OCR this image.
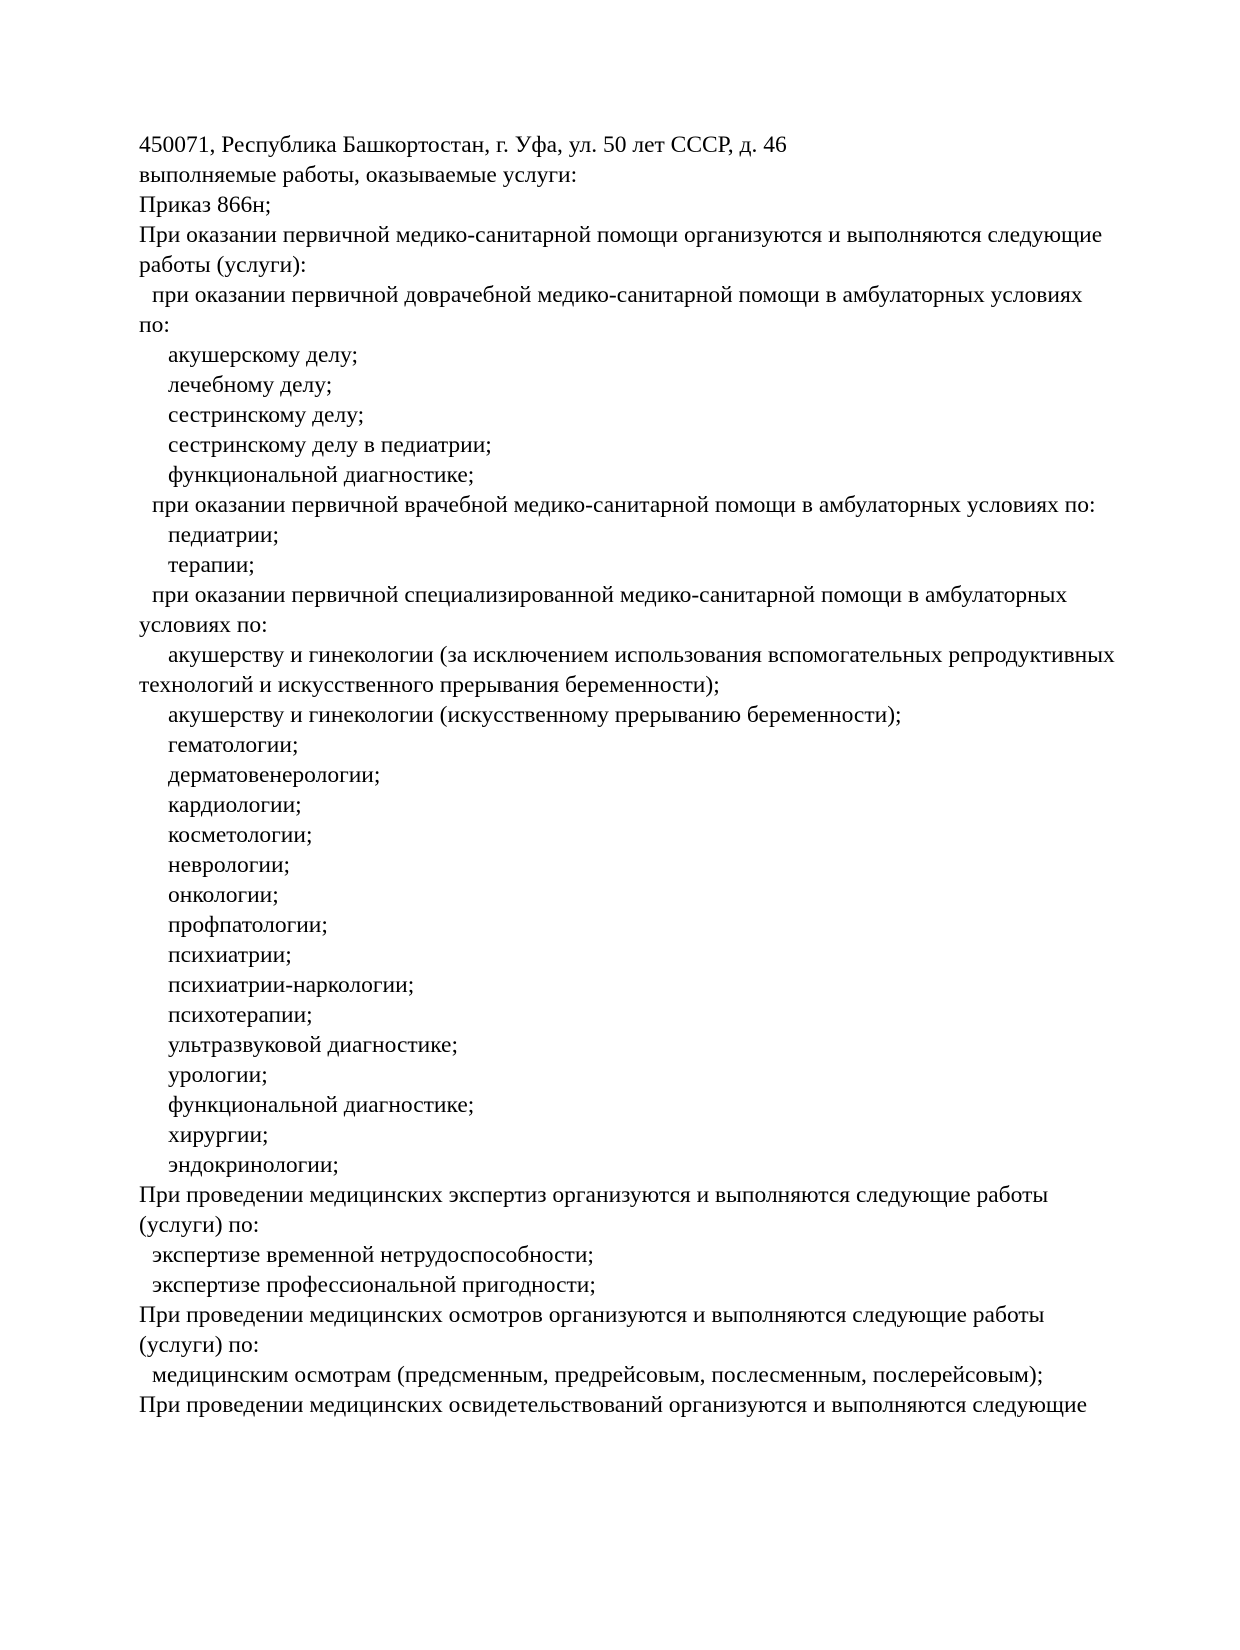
450071, Республика Башкортостан, г. Уфа, ул. 50 лет СССР, д. 46
выполняемые работы, оказываемые услуги:
Приказ 866н;
При оказании первичной медико-санитарной помощи организуются и выполняются следующие
работы (услуги):
при оказании первичной доврачебной медико-санитарной помощи в амбулаторных условиях
по:
акушерскому делу;
лечебному делу;
сестринскому делу;
сестринскому делу в педиатрии;
функциональной диагностике;
при оказании первичной врачебной медико-санитарной помощи в амбулаторных условиях по:
педиатрии;
терапии;
при оказании первичной специализированной медико-санитарной помощи в амбулаторных
условиях по:
акушерству и гинекологии (за исключением использования вспомогательных репродуктивных
технологий и искусственного прерывания беременности);
акушерству и гинекологии (искусственному прерыванию беременности);
гематологии;
дерматовенерологии;
кардиологии;
косметологии;
неврологии;
онкологии;
профпатологии;
психиатрии;
психиатрии-наркологии;
психотерапии;
ультразвуковой диагностике;
урологии;
функциональной диагностике;
хирургии;
эндокринологии;
При проведении медицинских экспертиз организуются и выполняются следующие работы
(услуги) по:
экспертизе временной нетрудоспособности;
экспертизе профессиональной пригодности;
При проведении медицинских осмотров организуются и выполняются следующие работы
(услуги) по:
медицинским осмотрам (предсменным, предрейсовым, послесменным, послерейсовым);
При проведении медицинских освидетельствований организуются и выполняются следующие
